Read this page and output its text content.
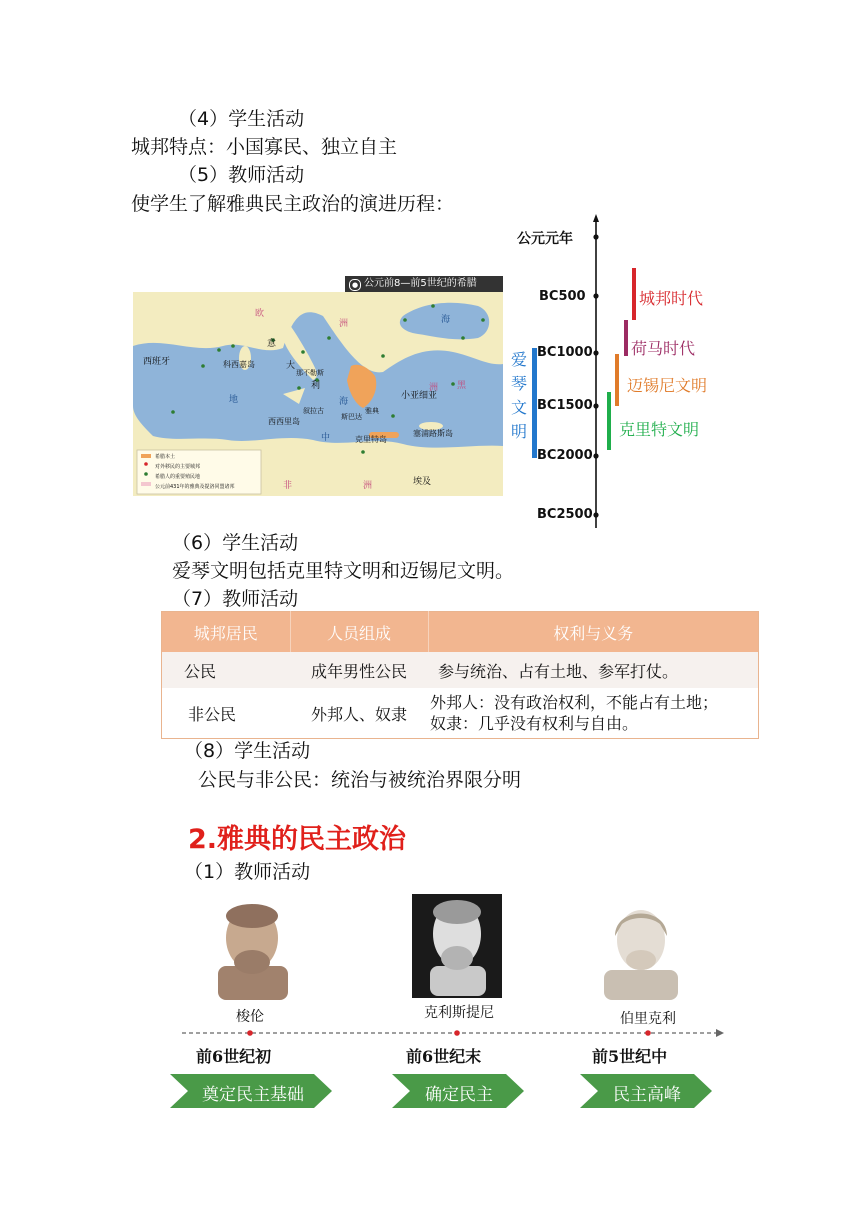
（4）学生活动
城邦特点：小国寡民、独立自主
（5）教师活动
使学生了解雅典民主政治的演进历程：
● 公元前8—前5世纪的希腊
西班牙	科西嘉岛
意
大
利
那不勒斯
叙拉古
西西里岛	斯巴达
雅典
克里特岛
小亚细亚
塞浦路斯岛
埃及
欧
洲
洲 黑
海
地
中
海
非	洲
希腊本土
对外移民的主要城邦
希腊人的重要殖民地
公元前431年的雅典及提洛同盟诸邦
公元元年
BC500
BC1000
BC1500
BC2000
BC2500
爱琴文明
城邦时代
荷马时代
迈锡尼文明
克里特文明
（6）学生活动
爱琴文明包括克里特文明和迈锡尼文明。
（7）教师活动
城邦居民	人员组成	权利与义务
公民	成年男性公民	参与统治、占有土地、参军打仗。
非公民	外邦人、奴隶	外邦人：没有政治权利，不能占有土地；
奴隶：几乎没有权利与自由。
（8）学生活动
公民与非公民：统治与被统治界限分明
2.雅典的民主政治
（1）教师活动
梭伦	克利斯提尼	伯里克利
前6世纪初	前6世纪末	前5世纪中
奠定民主基础	确定民主	民主高峰
